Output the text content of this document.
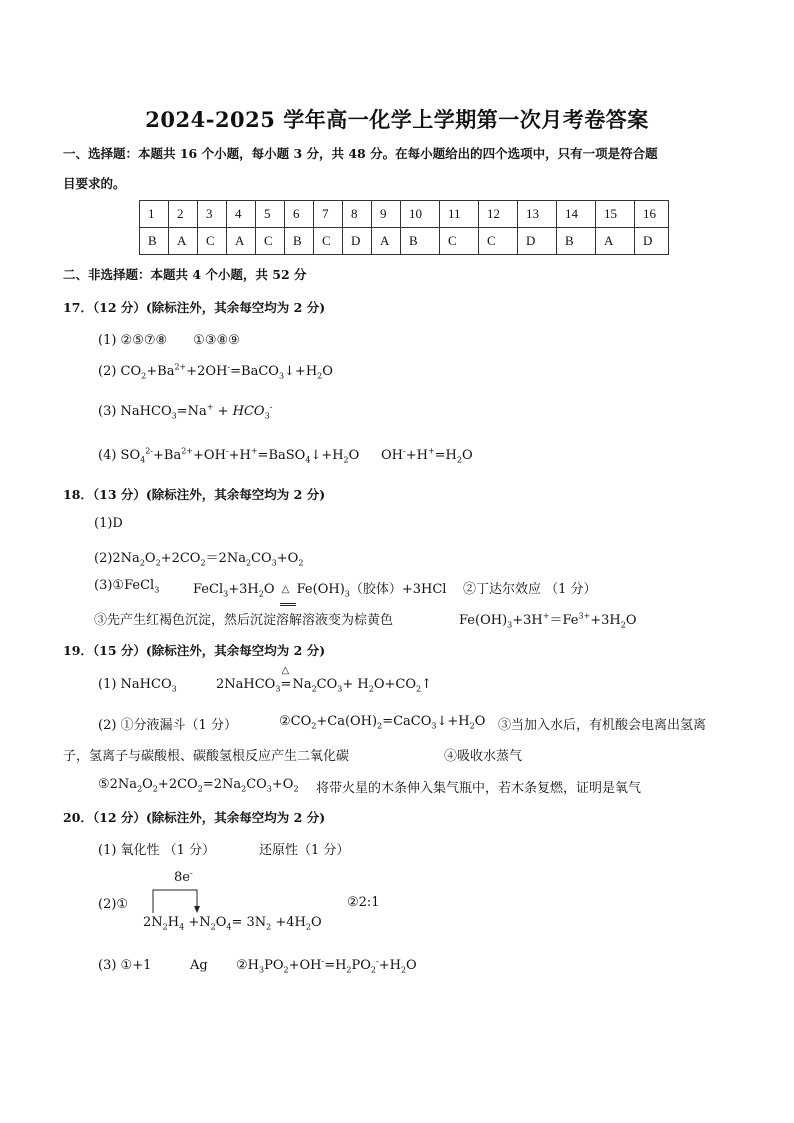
2024-2025 学年高一化学上学期第一次月考卷答案
一、选择题：本题共 16 个小题，每小题 3 分，共 48 分。在每小题给出的四个选项中，只有一项是符合题
目要求的。
1	2	3	4	5	6	7	8	9	10	11	12	13	14	15	16
B	A	C	A	C	B	C	D	A	B	C	C	D	B	A	D
二、非选择题：本题共 4 个小题，共 52 分
17．（12 分）(除标注外，其余每空均为 2 分)
(1) ②⑤⑦⑧　　①③⑧⑨
(2) $CO_2+Ba^{2+}+2OH^-=BaCO_3↓+H_2O$
(3) NaHCO$_3$=Na+ + $HCO_3^-$
(4) $SO_4^{2-}+Ba^{2+}+OH^-+H^+=BaSO_4↓+H_2O$ $OH^-+H^+=H_2O$
18．（13 分）(除标注外，其余每空均为 2 分)
(1)D
$(2)2Na_2O_2+2CO_2=2Na_2CO_3+O_2$
(3)①FeCl$_3$	$FeCl_3+3H_2O$ △ $Fe(OH)_3$（胶体）+3HCl ②丁达尔效应 （1 分）
③先产生红褐色沉淀，然后沉淀溶解溶液变为棕黄色	$Fe(OH)_3+3H^+=Fe^{3+}+3H_2O$
19．（15 分）(除标注外，其余每空均为 2 分)
(1) NaHCO$_3$	2NaHCO$_3$
△
$=Na_2CO_3+$ $H_2O+CO_2↑$
(2) ①分液漏斗（1 分）	$②CO_2+Ca(OH)_2=CaCO_3↓+H_2O$ ③当加入水后，有机酸会电离出氢离
子，氢离子与碳酸根、碳酸氢根反应产生二氧化碳	④吸收水蒸气
$⑤2Na_2O_2+2CO_2=2Na_2CO_3+O_2$ 将带火星的木条伸入集气瓶中，若木条复燃，证明是氧气
20．（12 分）(除标注外，其余每空均为 2 分)
(1) 氧化性 （1 分）	还原性（1 分）
(2)①
8e-
$2N_2H_4 +N_2O_4= 3N_2 +4H_2O$
②2:1
(3) ①+1	Ag $②H_3PO_2+OH^-=H_2PO_2^-+H_2O$
